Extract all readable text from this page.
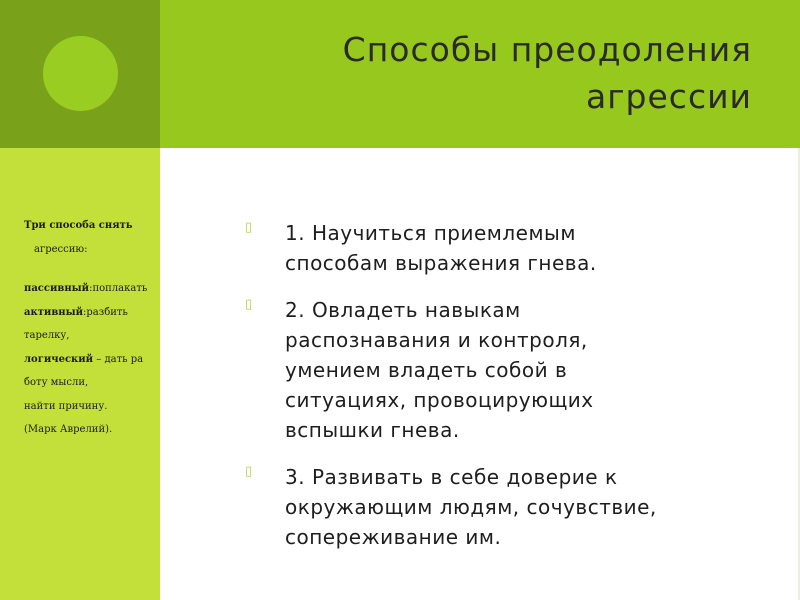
Способы преодоления
агрессии
Три способа снять
агрессию:
пассивный:поплакать
активный:разбить
тарелку,
логический – дать ра
боту мысли,
найти причину.
(Марк Аврелий).
▯ 1. Научиться приемлемым
способам выражения гнева.
▯ 2. Овладеть навыкам
распознавания и контроля,
умением владеть собой в
ситуациях, провоцирующих
вспышки гнева.
▯ 3. Развивать в себе доверие к
окружающим людям, сочувствие,
сопереживание им.
